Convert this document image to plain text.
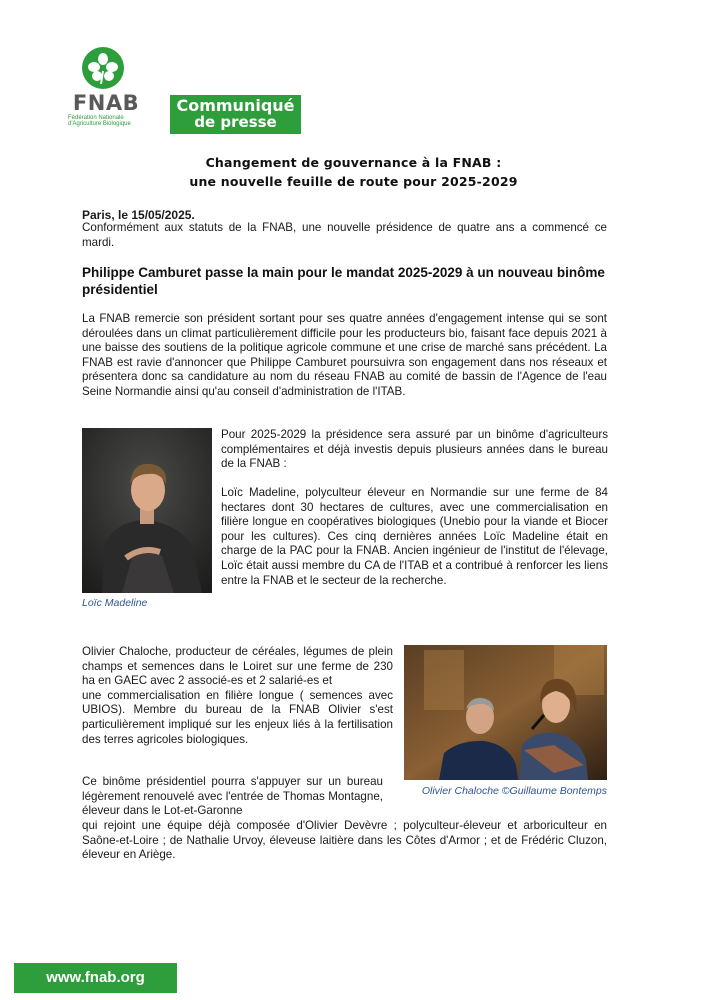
FNAB
Fédération Nationale
d'Agriculture Biologique
Communiqué
de presse
Changement de gouvernance à la FNAB :
une nouvelle feuille de route pour 2025-2029
Paris, le 15/05/2025.
Conformément aux statuts de la FNAB, une nouvelle présidence de quatre ans a commencé ce mardi.
Philippe Camburet passe la main pour le mandat 2025-2029 à un nouveau binôme présidentiel
La FNAB remercie son président sortant pour ses quatre années d'engagement intense qui se sont déroulées dans un climat particulièrement difficile pour les producteurs bio, faisant face depuis 2021 à une baisse des soutiens de la politique agricole commune et une crise de marché sans précédent. La FNAB est ravie d'annoncer que Philippe Camburet poursuivra son engagement dans nos réseaux et présentera donc sa candidature au nom du réseau FNAB au comité de bassin de l'Agence de l'eau Seine Normandie ainsi qu'au conseil d'administration de l'ITAB.
Loïc Madeline
Pour 2025-2029 la présidence sera assuré par un binôme d'agriculteurs complémentaires et déjà investis depuis plusieurs années dans le bureau de la FNAB :
Loïc Madeline, polyculteur éleveur en Normandie sur une ferme de 84 hectares dont 30 hectares de cultures, avec une commercialisation en filière longue en coopératives biologiques (Unebio pour la viande et Biocer pour les cultures). Ces cinq dernières années Loïc Madeline était en charge de la PAC pour la FNAB. Ancien ingénieur de l'institut de l'élevage, Loïc était aussi membre du CA de l'ITAB et a contribué à renforcer les liens entre la FNAB et le secteur de la recherche.
Olivier Chaloche, producteur de céréales, légumes de plein champs et semences dans le Loiret sur une ferme de 230 ha en GAEC avec 2 associé-es et 2 salarié-es et
une commercialisation en filière longue ( semences avec UBIOS). Membre du bureau de la FNAB Olivier s'est particulièrement impliqué sur les enjeux liés à la fertilisation des terres agricoles biologiques.
Olivier Chaloche ©Guillaume Bontemps
Ce binôme présidentiel pourra s'appuyer sur un bureau légèrement renouvelé avec l'entrée de Thomas Montagne, éleveur dans le Lot-et-Garonne
qui rejoint une équipe déjà composée d'Olivier Devèvre ; polyculteur-éleveur et arboriculteur en Saône-et-Loire ; de Nathalie Urvoy, éleveuse laitière dans les Côtes d'Armor ; et de Frédéric Cluzon, éleveur en Ariège.
www.fnab.org
